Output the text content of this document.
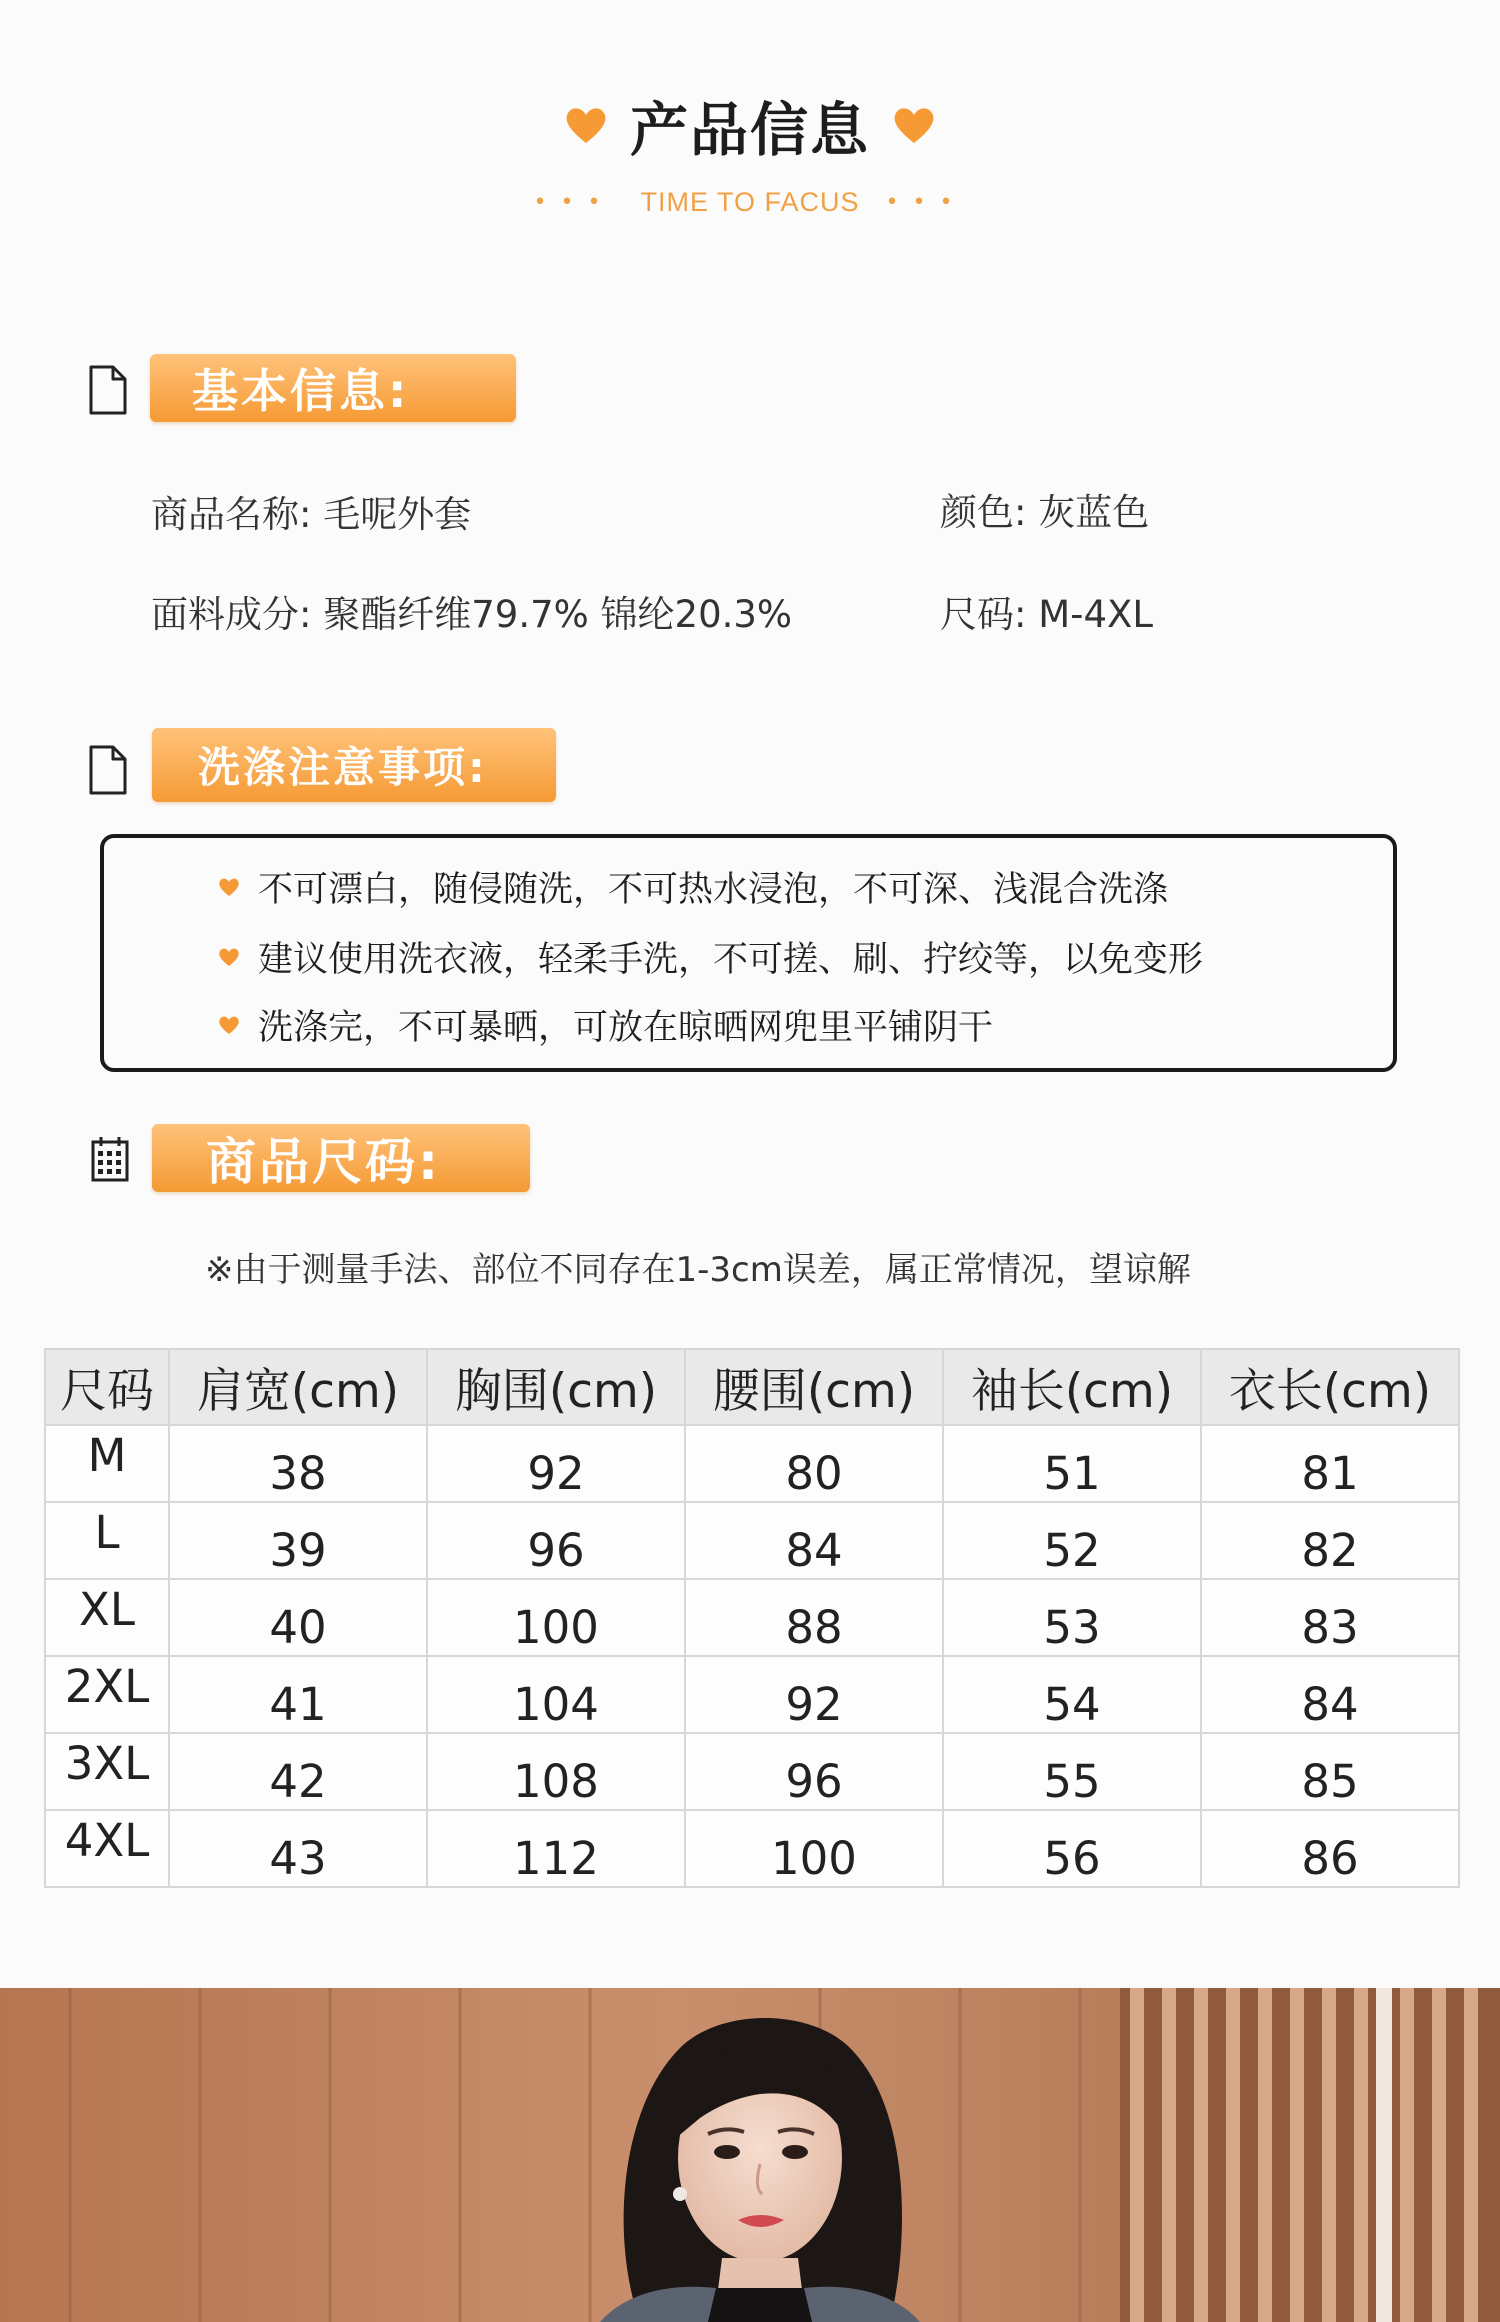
产品信息
••• TIME TO FACUS •••
基本信息:
商品名称: 毛呢外套	颜色: 灰蓝色
面料成分: 聚酯纤维79.7% 锦纶20.3%	尺码: M-4XL
洗涤注意事项:
不可漂白，随侵随洗，不可热水浸泡，不可深、浅混合洗涤
建议使用洗衣液，轻柔手洗，不可搓、刷、拧绞等，以免变形
洗涤完，不可暴晒，可放在晾晒网兜里平铺阴干
商品尺码:
※由于测量手法、部位不同存在1-3cm误差，属正常情况，望谅解
尺码	肩宽(cm)	胸围(cm)	腰围(cm)	袖长(cm)	衣长(cm)
M	38	92	80	51	81
L	39	96	84	52	82
XL	40	100	88	53	83
2XL	41	104	92	54	84
3XL	42	108	96	55	85
4XL	43	112	100	56	86
